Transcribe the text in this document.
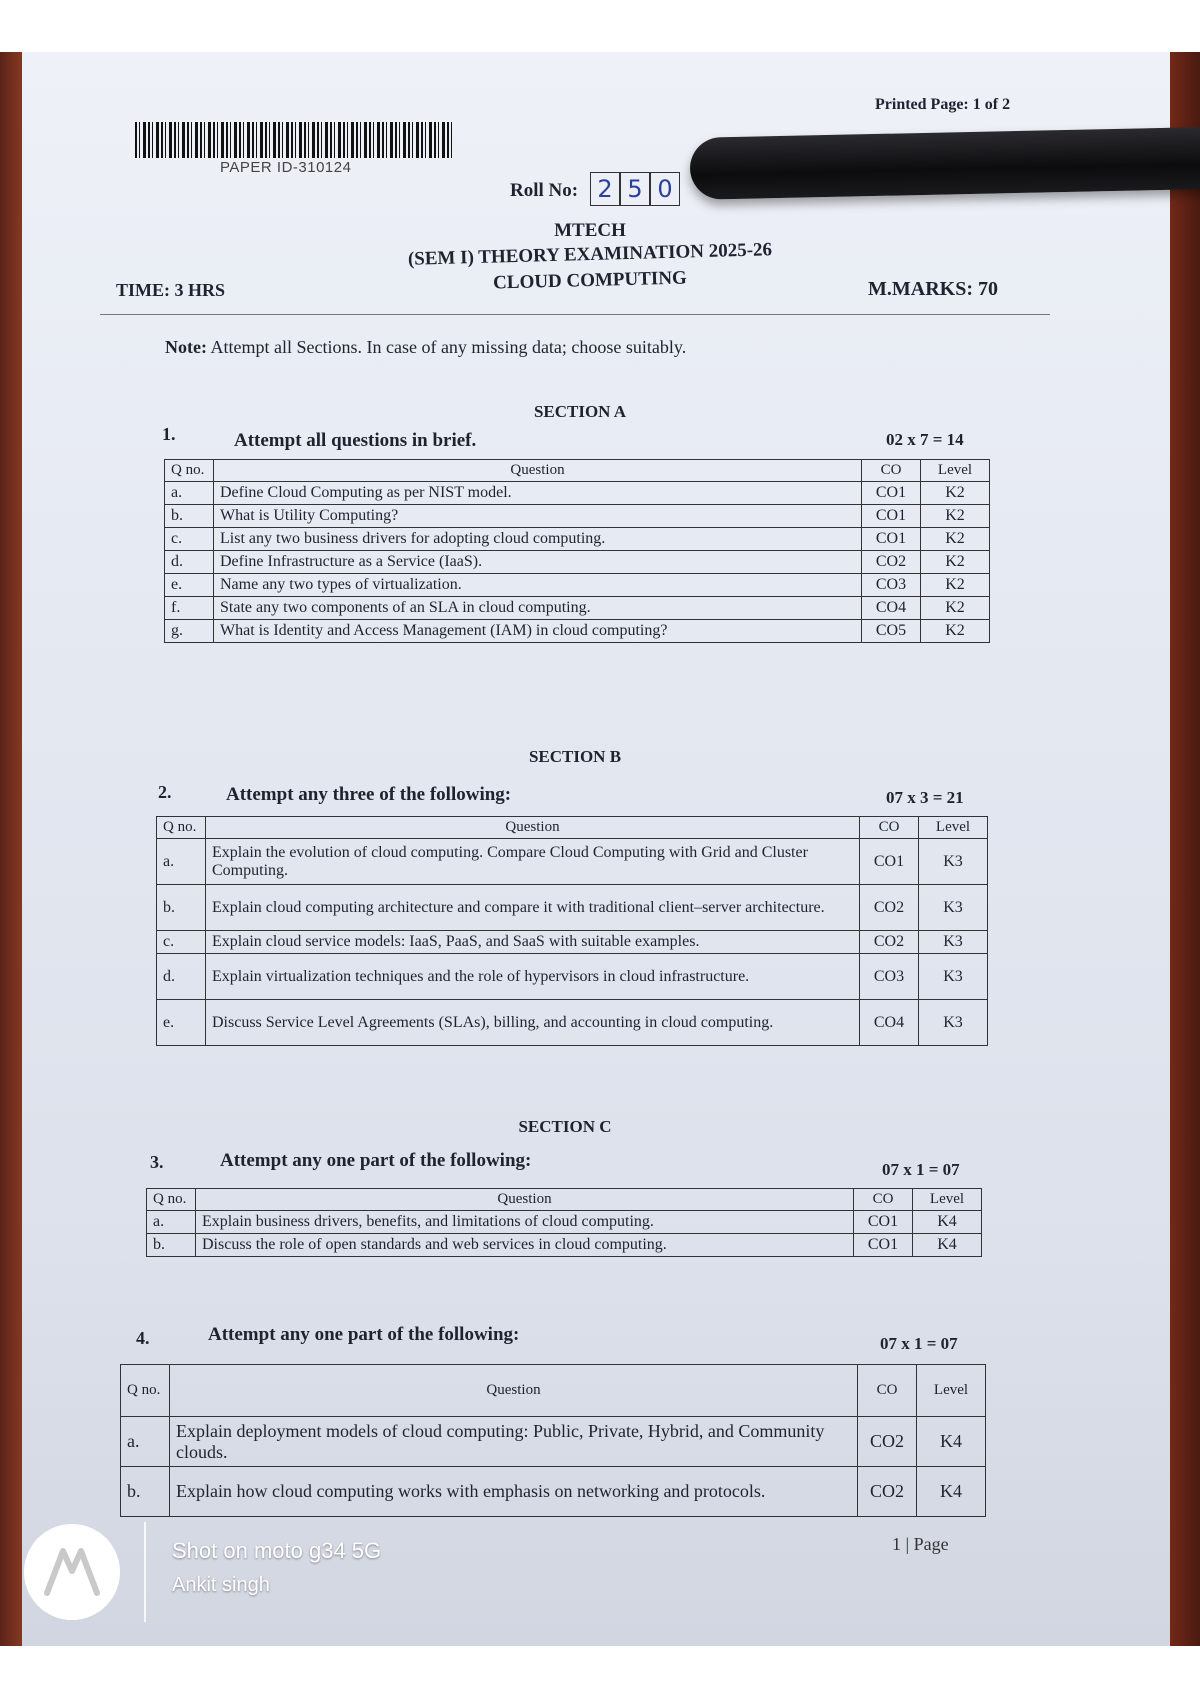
PAPER ID-310124
Printed Page: 1 of 2
Roll No: 2 5 0
MTECH
(SEM I) THEORY EXAMINATION 2025-26
CLOUD COMPUTING
TIME: 3 HRS	M.MARKS: 70
Note: Attempt all Sections. In case of any missing data; choose suitably.
SECTION A
1.	Attempt all questions in brief.	02 x 7 = 14
Q no.	Question	CO	Level
a.	Define Cloud Computing as per NIST model.	CO1	K2
b.	What is Utility Computing?	CO1	K2
c.	List any two business drivers for adopting cloud computing.	CO1	K2
d.	Define Infrastructure as a Service (IaaS).	CO2	K2
e.	Name any two types of virtualization.	CO3	K2
f.	State any two components of an SLA in cloud computing.	CO4	K2
g.	What is Identity and Access Management (IAM) in cloud computing?	CO5	K2
SECTION B
2.	Attempt any three of the following:	07 x 3 = 21
Q no.	Question	CO	Level
a.	Explain the evolution of cloud computing. Compare Cloud Computing with Grid and Cluster Computing.	CO1	K3
b.	Explain cloud computing architecture and compare it with traditional client–server architecture.	CO2	K3
c.	Explain cloud service models: IaaS, PaaS, and SaaS with suitable examples.	CO2	K3
d.	Explain virtualization techniques and the role of hypervisors in cloud infrastructure.	CO3	K3
e.	Discuss Service Level Agreements (SLAs), billing, and accounting in cloud computing.	CO4	K3
SECTION C
3.	Attempt any one part of the following:	07 x 1 = 07
Q no.	Question	CO	Level
a.	Explain business drivers, benefits, and limitations of cloud computing.	CO1	K4
b.	Discuss the role of open standards and web services in cloud computing.	CO1	K4
4.	Attempt any one part of the following:	07 x 1 = 07
Q no.	Question	CO	Level
a.	Explain deployment models of cloud computing: Public, Private, Hybrid, and Community clouds.	CO2	K4
b.	Explain how cloud computing works with emphasis on networking and protocols.	CO2	K4
1 | Page
Shot on moto g34 5G
Ankit singh
